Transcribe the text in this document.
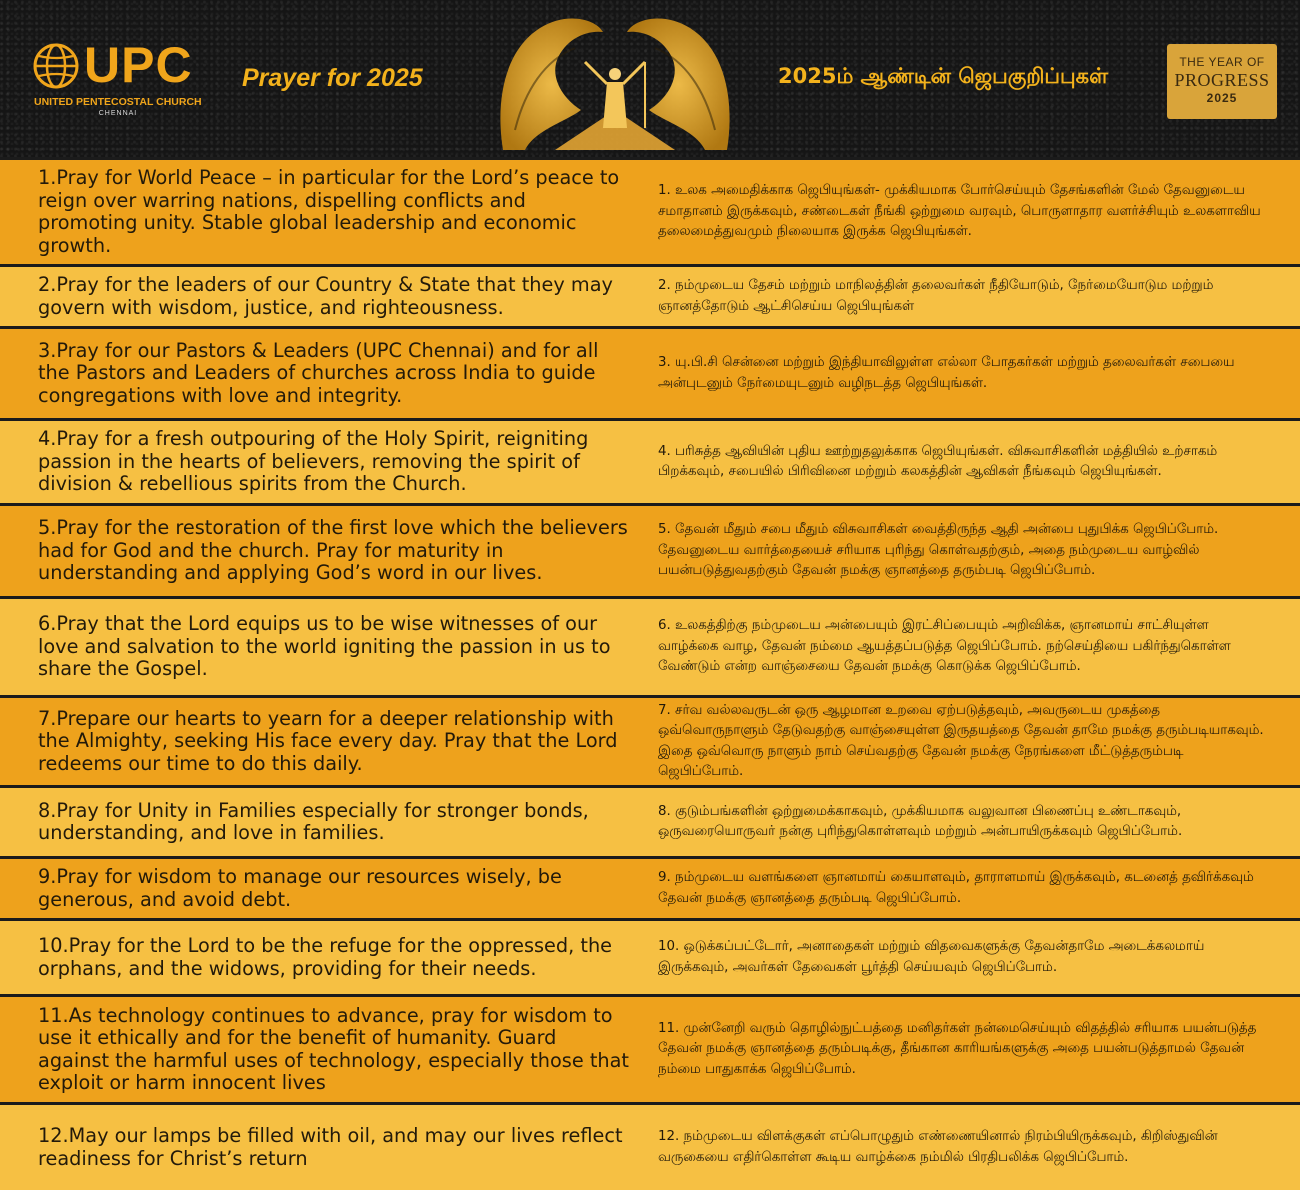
UPC
UNITED PENTECOSTAL CHURCH
CHENNAI
Prayer for 2025	2025ம் ஆண்டின் ஜெபகுறிப்புகள்
THE YEAR OF
PROGRESS
2025
1.Pray for World Peace – in particular for the Lord’s peace to reign over warring nations, dispelling conflicts and promoting unity. Stable global leadership and economic growth.
1. உலக அமைதிக்காக ஜெபியுங்கள்- முக்கியமாக போர்செய்யும் தேசங்களின் மேல் தேவனுடைய சமாதானம் இருக்கவும், சண்டைகள் நீங்கி ஒற்றுமை வரவும், பொருளாதார வளர்ச்சியும் உலகளாவிய தலைமைத்துவமும் நிலையாக இருக்க ஜெபியுங்கள்.
2.Pray for the leaders of our Country & State that they may govern with wisdom, justice, and righteousness.
2. நம்முடைய தேசம் மற்றும் மாநிலத்தின் தலைவர்கள் நீதியோடும், நேர்மையோடும மற்றும் ஞானத்தோடும் ஆட்சிசெய்ய ஜெபியுங்கள்
3.Pray for our Pastors & Leaders (UPC Chennai) and for all the Pastors and Leaders of churches across India to guide congregations with love and integrity.
3. யு.பி.சி சென்னை மற்றும் இந்தியாவிலுள்ள எல்லா போதகர்கள் மற்றும் தலைவர்கள் சபையை அன்புடனும் நேர்மையுடனும் வழிநடத்த ஜெபியுங்கள்.
4.Pray for a fresh outpouring of the Holy Spirit, reigniting passion in the hearts of believers, removing the spirit of division & rebellious spirits from the Church.
4. பரிசுத்த ஆவியின் புதிய ஊற்றுதலுக்காக ஜெபியுங்கள். விசுவாசிகளின் மத்தியில் உற்சாகம் பிறக்கவும், சபையில் பிரிவினை மற்றும் கலகத்தின் ஆவிகள் நீங்கவும் ஜெபியுங்கள்.
5.Pray for the restoration of the first love which the believers had for God and the church. Pray for maturity in understanding and applying God’s word in our lives.
5. தேவன் மீதும் சபை மீதும் விசுவாசிகள் வைத்திருந்த ஆதி அன்பை புதுபிக்க ஜெபிப்போம். தேவனுடைய வார்த்தையைச் சரியாக புரிந்து கொள்வதற்கும், அதை நம்முடைய வாழ்வில் பயன்படுத்துவதற்கும் தேவன் நமக்கு ஞானத்தை தரும்படி ஜெபிப்போம்.
6.Pray that the Lord equips us to be wise witnesses of our love and salvation to the world igniting the passion in us to share the Gospel.
6. உலகத்திற்கு நம்முடைய அன்பையும் இரட்சிப்பையும் அறிவிக்க, ஞானமாய் சாட்சியுள்ள வாழ்க்கை வாழ, தேவன் நம்மை ஆயத்தப்படுத்த ஜெபிப்போம். நற்செய்தியை பகிர்ந்துகொள்ள வேண்டும் என்ற வாஞ்சையை தேவன் நமக்கு கொடுக்க ஜெபிப்போம்.
7.Prepare our hearts to yearn for a deeper relationship with the Almighty, seeking His face every day. Pray that the Lord redeems our time to do this daily.
7. சர்வ வல்லவருடன் ஒரு ஆழமான உறவை ஏற்படுத்தவும், அவருடைய முகத்தை ஒவ்வொருநாளும் தேடுவதற்கு வாஞ்சையுள்ள இருதயத்தை தேவன் தாமே நமக்கு தரும்படியாகவும். இதை ஒவ்வொரு நாளும் நாம் செய்வதற்கு தேவன் நமக்கு நேரங்களை மீட்டுத்தரும்படி ஜெபிப்போம்.
8.Pray for Unity in Families especially for stronger bonds, understanding, and love in families.
8. குடும்பங்களின் ஒற்றுமைக்காகவும், முக்கியமாக வலுவான பிணைப்பு உண்டாகவும், ஒருவரையொருவர் நன்கு புரிந்துகொள்ளவும் மற்றும் அன்பாயிருக்கவும் ஜெபிப்போம்.
9.Pray for wisdom to manage our resources wisely, be generous, and avoid debt.
9. நம்முடைய வளங்களை ஞானமாய் கையாளவும், தாராளமாய் இருக்கவும், கடனைத் தவிர்க்கவும் தேவன் நமக்கு ஞானத்தை தரும்படி ஜெபிப்போம்.
10.Pray for the Lord to be the refuge for the oppressed, the orphans, and the widows, providing for their needs.
10. ஒடுக்கப்பட்டோர், அனாதைகள் மற்றும் விதவைகளுக்கு தேவன்தாமே அடைக்கலமாய் இருக்கவும், அவர்கள் தேவைகள் பூர்த்தி செய்யவும் ஜெபிப்போம்.
11.As technology continues to advance, pray for wisdom to use it ethically and for the benefit of humanity. Guard against the harmful uses of technology, especially those that exploit or harm innocent lives
11. முன்னேறி வரும் தொழில்நுட்பத்தை மனிதர்கள் நன்மைசெய்யும் விதத்தில் சரியாக பயன்படுத்த தேவன் நமக்கு ஞானத்தை தரும்படிக்கு, தீங்கான காரியங்களுக்கு அதை பயன்படுத்தாமல் தேவன் நம்மை பாதுகாக்க ஜெபிப்போம்.
12.May our lamps be filled with oil, and may our lives reflect readiness for Christ’s return
12. நம்முடைய விளக்குகள் எப்பொழுதும் எண்ணையினால் நிரம்பியிருக்கவும், கிறிஸ்துவின் வருகையை எதிர்கொள்ள கூடிய வாழ்க்கை நம்மில் பிரதிபலிக்க ஜெபிப்போம்.
